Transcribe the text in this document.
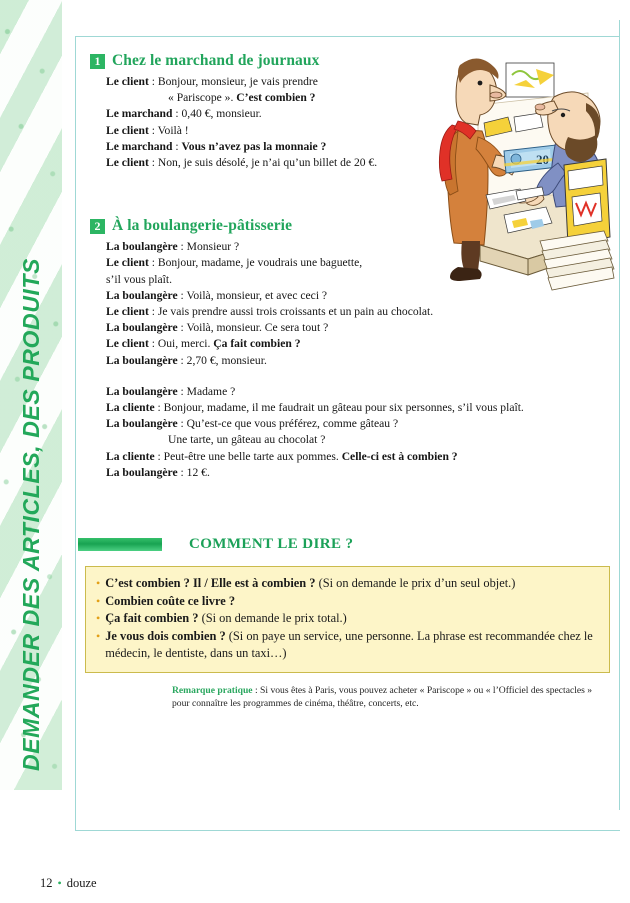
DEMANDER DES ARTICLES, DES PRODUITS
20
1 Chez le marchand de journaux
Le client : Bonjour, monsieur, je vais prendre
« Pariscope ». C’est combien ?
Le marchand : 0,40 €, monsieur.
Le client : Voilà !
Le marchand : Vous n’avez pas la monnaie ?
Le client : Non, je suis désolé, je n’ai qu’un billet de 20 €.
2 À la boulangerie-pâtisserie
La boulangère : Monsieur ?
Le client : Bonjour, madame, je voudrais une baguette,
s’il vous plaît.
La boulangère : Voilà, monsieur, et avec ceci ?
Le client : Je vais prendre aussi trois croissants et un pain au chocolat.
La boulangère : Voilà, monsieur. Ce sera tout ?
Le client : Oui, merci. Ça fait combien ?
La boulangère : 2,70 €, monsieur.
La boulangère : Madame ?
La cliente : Bonjour, madame, il me faudrait un gâteau pour six personnes, s’il vous plaît.
La boulangère : Qu’est-ce que vous préférez, comme gâteau ?
Une tarte, un gâteau au chocolat ?
La cliente : Peut-être une belle tarte aux pommes. Celle-ci est à combien ?
La boulangère : 12 €.
COMMENT LE DIRE ?
• C’est combien ? Il / Elle est à combien ? (Si on demande le prix d’un seul objet.)
• Combien coûte ce livre ?
• Ça fait combien ? (Si on demande le prix total.)
• Je vous dois combien ? (Si on paye un service, une personne. La phrase est recommandée chez le médecin, le dentiste, dans un taxi…)
Remarque pratique : Si vous êtes à Paris, vous pouvez acheter « Pariscope » ou « l’Officiel des spectacles » pour connaître les programmes de cinéma, théâtre, concerts, etc.
12 • douze
